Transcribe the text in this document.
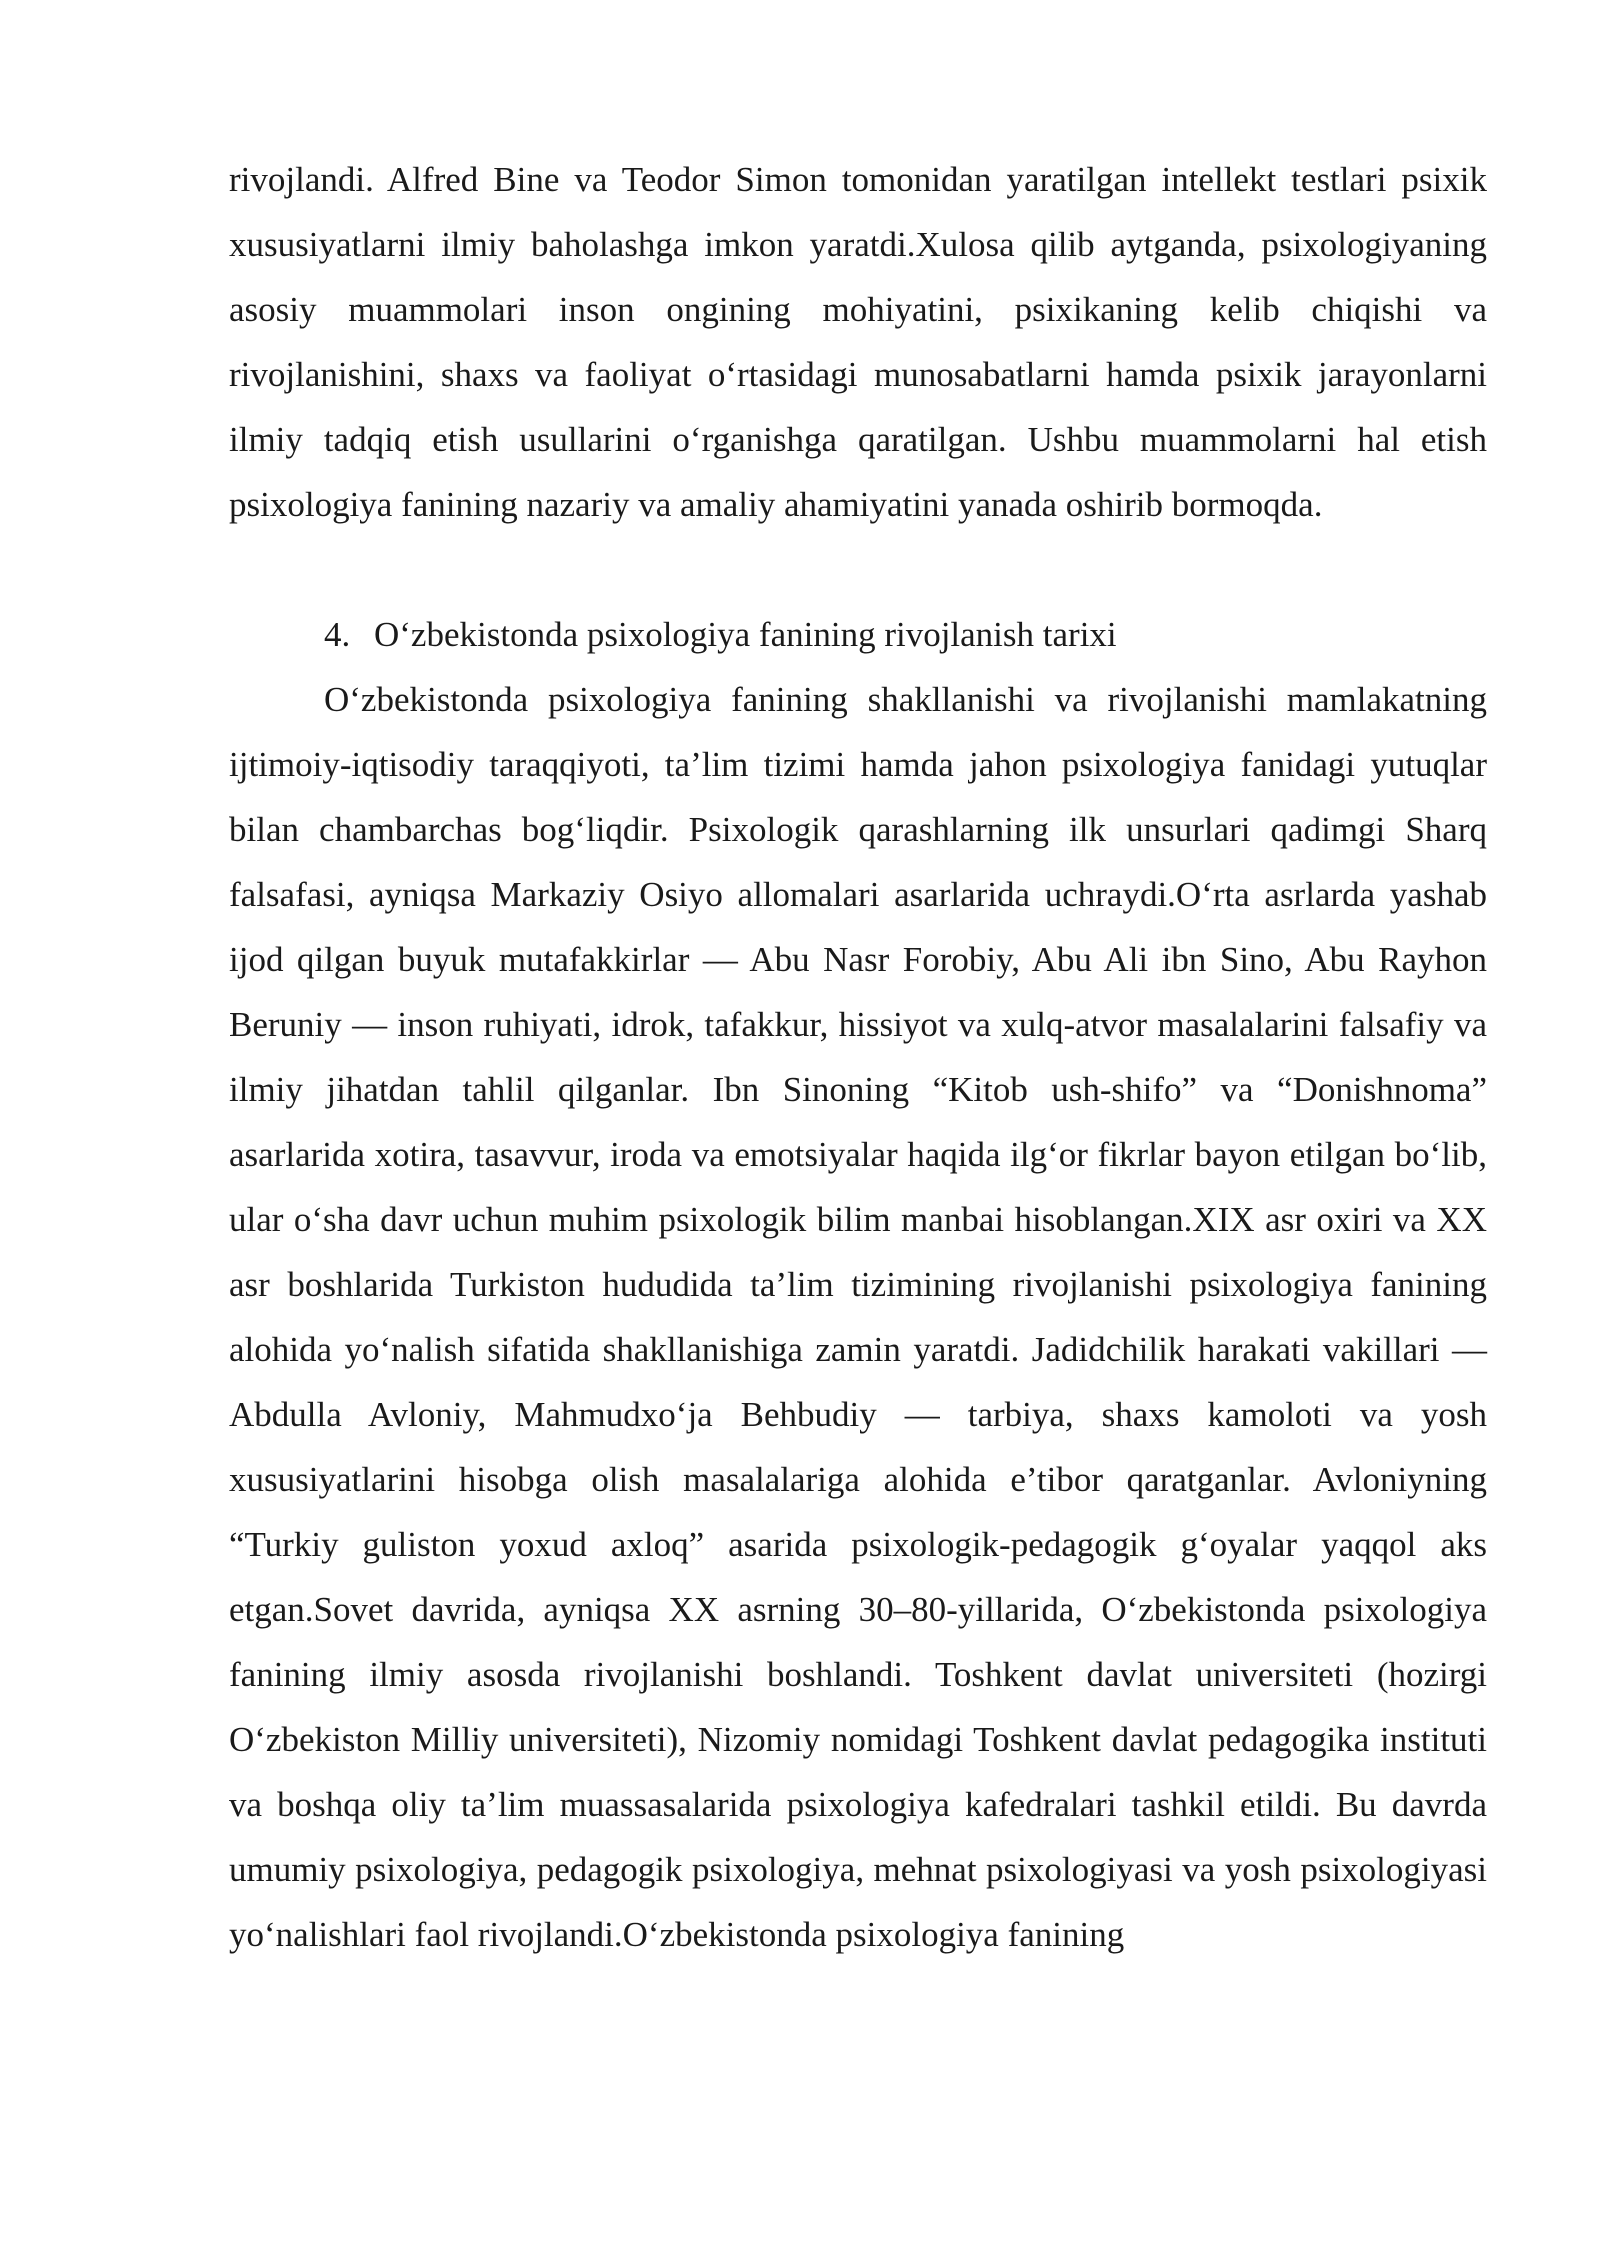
rivojlandi. Alfred Bine va Teodor Simon tomonidan yaratilgan intellekt testlari psixik xususiyatlarni ilmiy baholashga imkon yaratdi.Xulosa qilib aytganda, psixologiyaning asosiy muammolari inson ongining mohiyatini, psixikaning kelib chiqishi va rivojlanishini, shaxs va faoliyat o‘rtasidagi munosabatlarni hamda psixik jarayonlarni ilmiy tadqiq etish usullarini o‘rganishga qaratilgan. Ushbu muammolarni hal etish psixologiya fanining nazariy va amaliy ahamiyatini yanada oshirib bormoqda.

4. O‘zbekistonda psixologiya fanining rivojlanish tarixi

O‘zbekistonda psixologiya fanining shakllanishi va rivojlanishi mamlakatning ijtimoiy-iqtisodiy taraqqiyoti, ta’lim tizimi hamda jahon psixologiya fanidagi yutuqlar bilan chambarchas bog‘liqdir. Psixologik qarashlarning ilk unsurlari qadimgi Sharq falsafasi, ayniqsa Markaziy Osiyo allomalari asarlarida uchraydi.O‘rta asrlarda yashab ijod qilgan buyuk mutafakkirlar — Abu Nasr Forobiy, Abu Ali ibn Sino, Abu Rayhon Beruniy — inson ruhiyati, idrok, tafakkur, hissiyot va xulq-atvor masalalarini falsafiy va ilmiy jihatdan tahlil qilganlar. Ibn Sinoning “Kitob ush-shifo” va “Donishnoma” asarlarida xotira, tasavvur, iroda va emotsiyalar haqida ilg‘or fikrlar bayon etilgan bo‘lib, ular o‘sha davr uchun muhim psixologik bilim manbai hisoblangan.XIX asr oxiri va XX asr boshlarida Turkiston hududida ta’lim tizimining rivojlanishi psixologiya fanining alohida yo‘nalish sifatida shakllanishiga zamin yaratdi. Jadidchilik harakati vakillari — Abdulla Avloniy, Mahmudxo‘ja Behbudiy — tarbiya, shaxs kamoloti va yosh xususiyatlarini hisobga olish masalalariga alohida e’tibor qaratganlar. Avloniyning “Turkiy guliston yoxud axloq” asarida psixologik-pedagogik g‘oyalar yaqqol aks etgan.Sovet davrida, ayniqsa XX asrning 30–80-yillarida, O‘zbekistonda psixologiya fanining ilmiy asosda rivojlanishi boshlandi. Toshkent davlat universiteti (hozirgi O‘zbekiston Milliy universiteti), Nizomiy nomidagi Toshkent davlat pedagogika instituti va boshqa oliy ta’lim muassasalarida psixologiya kafedralari tashkil etildi. Bu davrda umumiy psixologiya, pedagogik psixologiya, mehnat psixologiyasi va yosh psixologiyasi yo‘nalishlari faol rivojlandi.O‘zbekistonda psixologiya fanining
